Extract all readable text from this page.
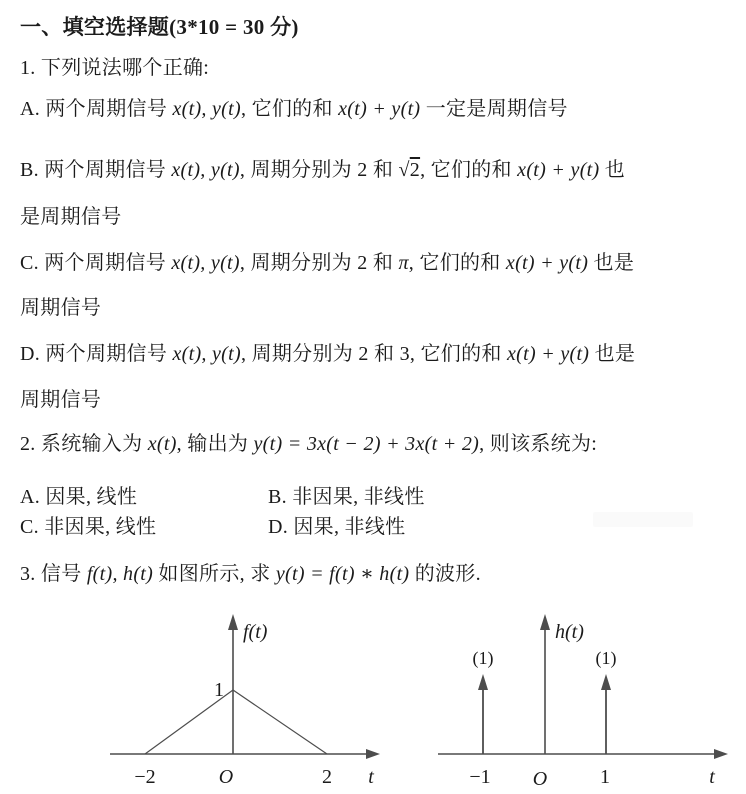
一、填空选择题(3*10 = 30 分)
1. 下列说法哪个正确:
A. 两个周期信号 x(t), y(t), 它们的和 x(t) + y(t) 一定是周期信号
B. 两个周期信号 x(t), y(t), 周期分别为 2 和 √2, 它们的和 x(t) + y(t) 也
是周期信号
C. 两个周期信号 x(t), y(t), 周期分别为 2 和 π, 它们的和 x(t) + y(t) 也是
周期信号
D. 两个周期信号 x(t), y(t), 周期分别为 2 和 3, 它们的和 x(t) + y(t) 也是
周期信号
2. 系统输入为 x(t), 输出为 y(t) = 3x(t − 2) + 3x(t + 2), 则该系统为:
A. 因果, 线性	B. 非因果, 非线性
C. 非因果, 线性	D. 因果, 非线性
3. 信号 f(t), h(t) 如图所示, 求 y(t) = f(t) ∗ h(t) 的波形.
f(t)
1
−2	O	2 t
(1)	(1)
h(t)
−1 O	1	t
